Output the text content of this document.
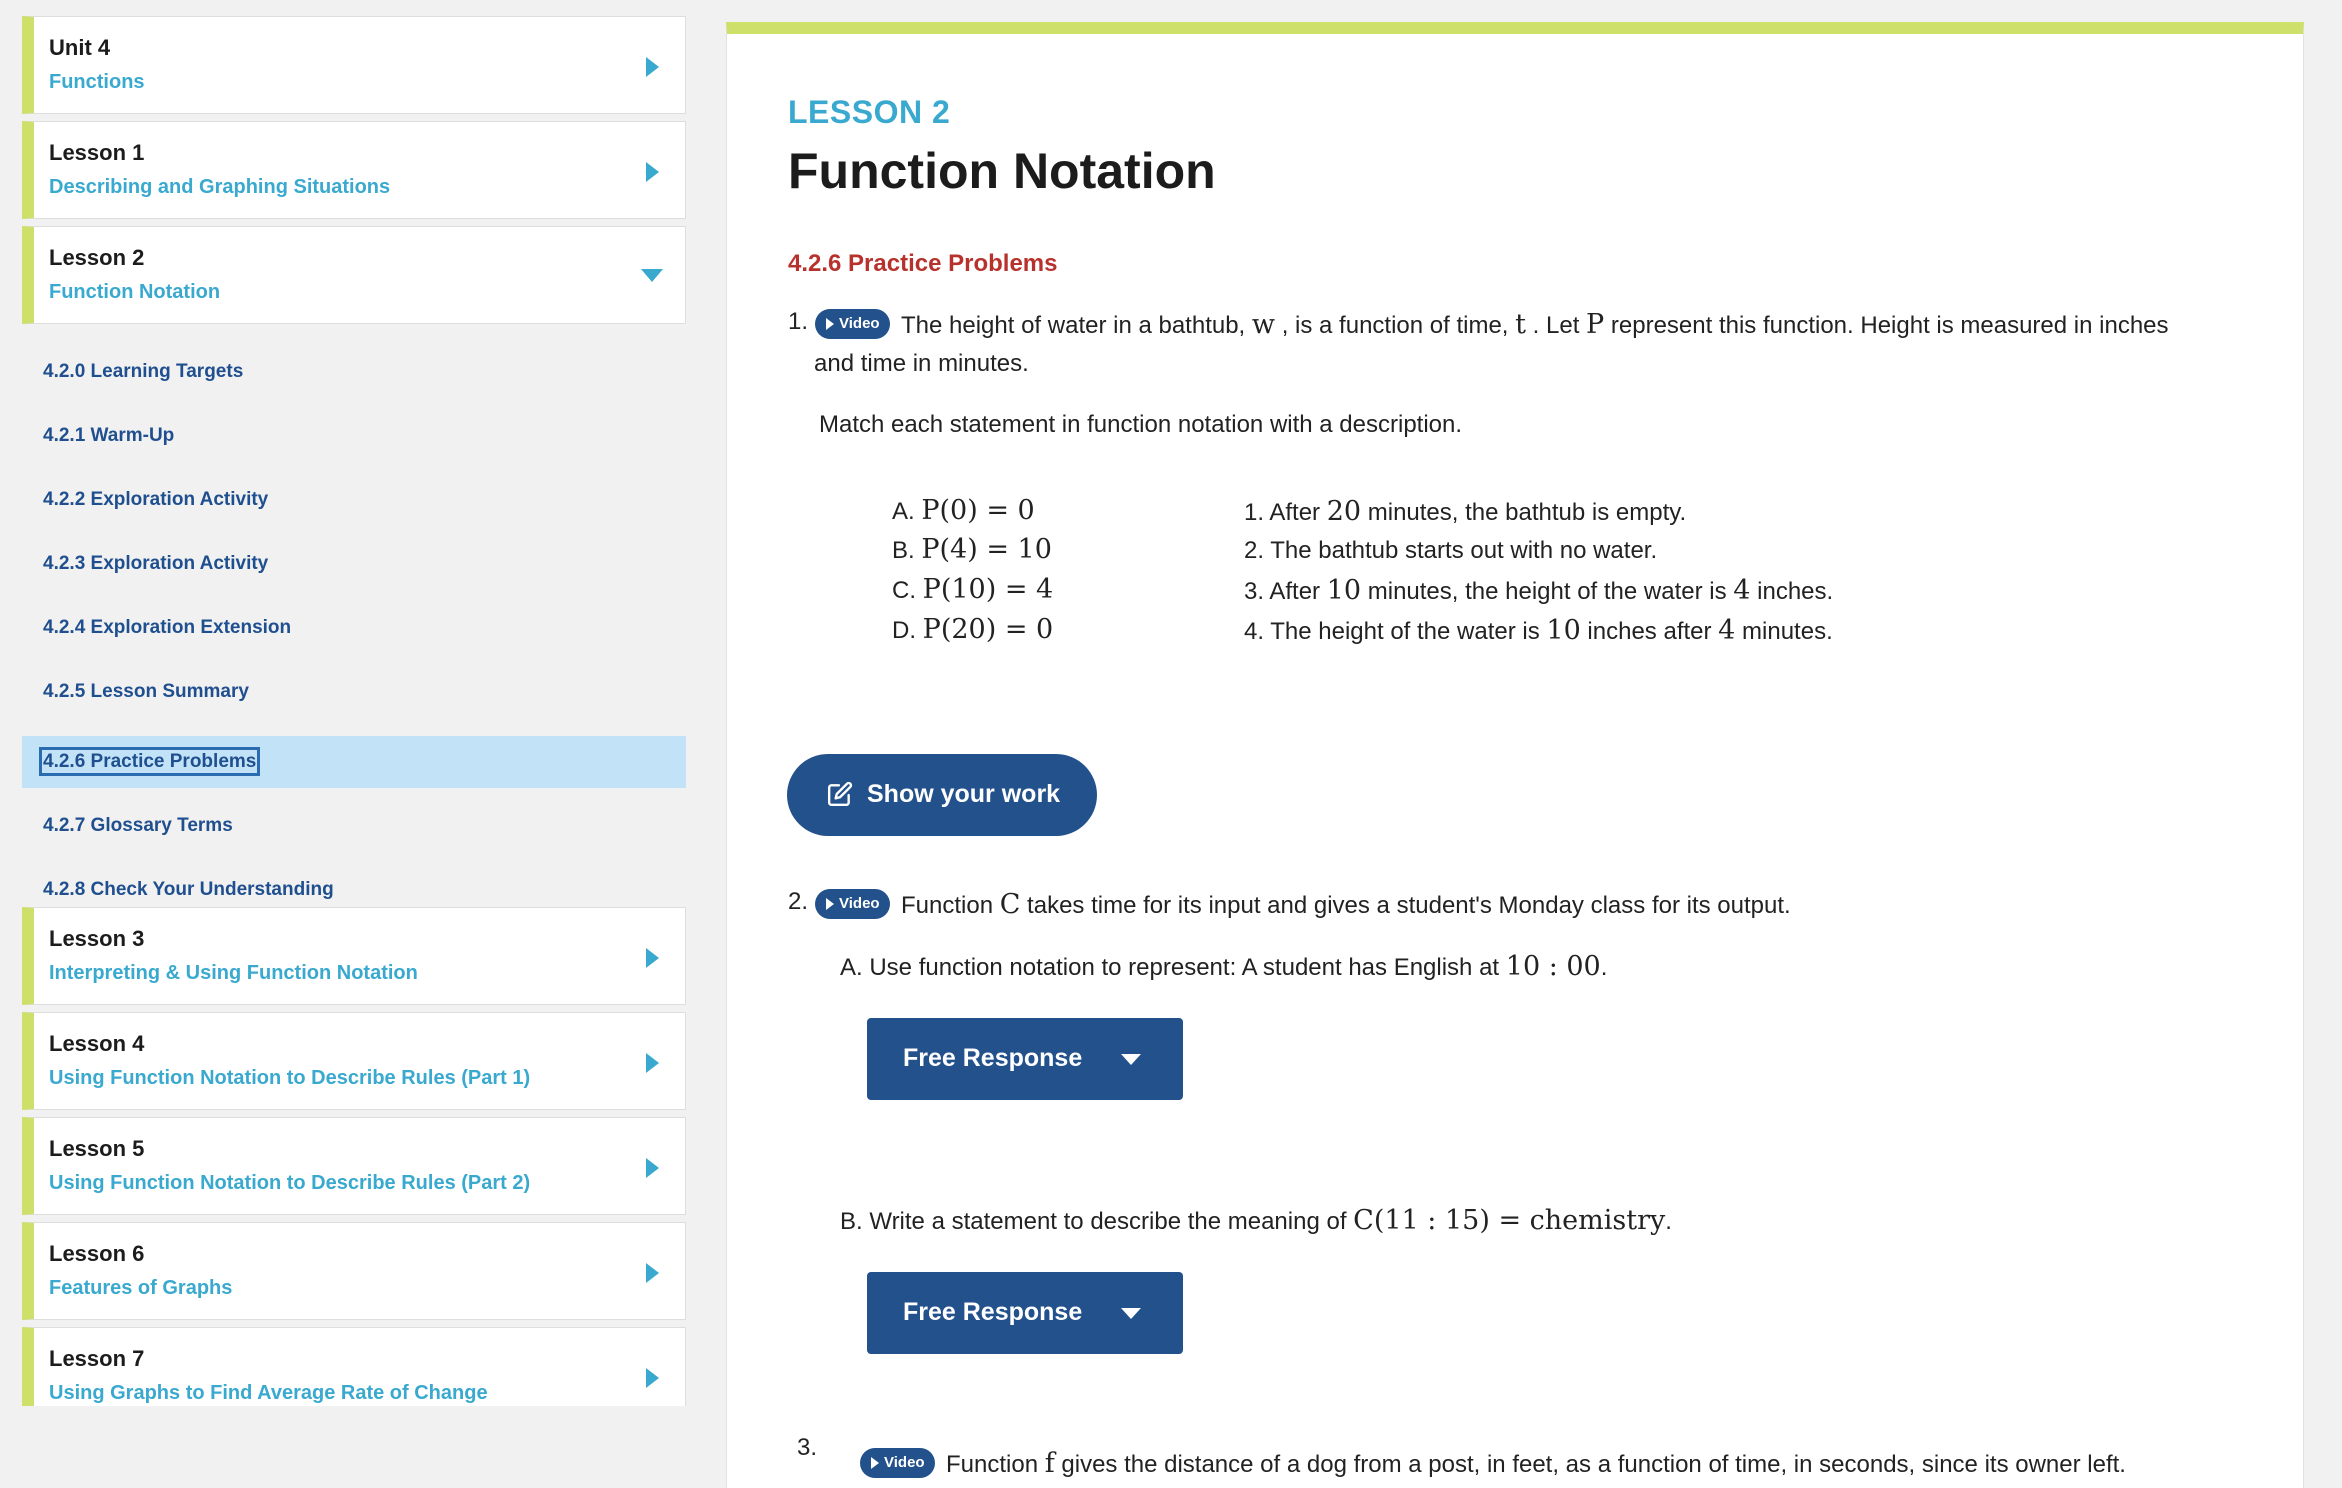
Unit 4
Functions
Lesson 1
Describing and Graphing Situations
Lesson 2
Function Notation
4.2.0 Learning Targets
4.2.1 Warm-Up
4.2.2 Exploration Activity
4.2.3 Exploration Activity
4.2.4 Exploration Extension
4.2.5 Lesson Summary
4.2.6 Practice Problems
4.2.7 Glossary Terms
4.2.8 Check Your Understanding
Lesson 3
Interpreting & Using Function Notation
Lesson 4
Using Function Notation to Describe Rules (Part 1)
Lesson 5
Using Function Notation to Describe Rules (Part 2)
Lesson 6
Features of Graphs
Lesson 7
Using Graphs to Find Average Rate of Change
LESSON 2
Function Notation
4.2.6 Practice Problems
1.	Video The height of water in a bathtub, w , is a function of time, t . Let P represent this function. Height is measured in inches
and time in minutes.
Match each statement in function notation with a description.
A. P(0) = 0
B. P(4) = 10
C. P(10) = 4
D. P(20) = 0
1. After 20 minutes, the bathtub is empty.
2. The bathtub starts out with no water.
3. After 10 minutes, the height of the water is 4 inches.
4. The height of the water is 10 inches after 4 minutes.
Show your work
2.	Video Function C takes time for its input and gives a student's Monday class for its output.
A. Use function notation to represent: A student has English at 10 : 00.
Free Response
B. Write a statement to describe the meaning of C(11 : 15) = chemistry.
Free Response
3.
Video Function f gives the distance of a dog from a post, in feet, as a function of time, in seconds, since its owner left.
